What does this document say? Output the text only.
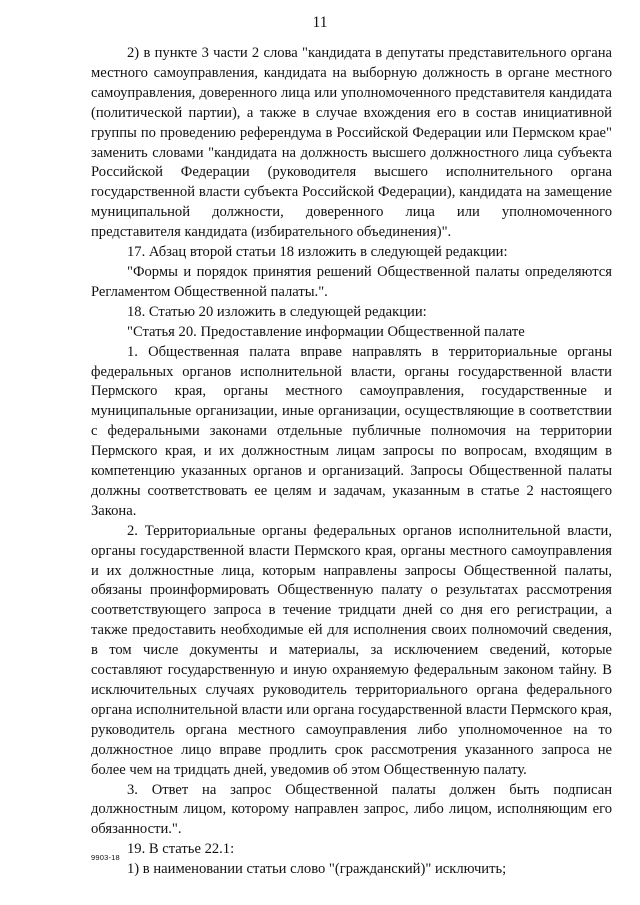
11

2) в пункте 3 части 2 слова "кандидата в депутаты представительного органа местного самоуправления, кандидата на выборную должность в органе местного самоуправления, доверенного лица или уполномоченного представителя кандидата (политической партии), а также в случае вхождения его в состав инициативной группы по проведению референдума в Российской Федерации или Пермском крае" заменить словами "кандидата на должность высшего должностного лица субъекта Российской Федерации (руководителя высшего исполнительного органа государственной власти субъекта Российской Федерации), кандидата на замещение муниципальной должности, доверенного лица или уполномоченного представителя кандидата (избирательного объединения)".

17. Абзац второй статьи 18 изложить в следующей редакции:

"Формы и порядок принятия решений Общественной палаты определяются Регламентом Общественной палаты.".

18. Статью 20 изложить в следующей редакции:

"Статья 20. Предоставление информации Общественной палате

1. Общественная палата вправе направлять в территориальные органы федеральных органов исполнительной власти, органы государственной власти Пермского края, органы местного самоуправления, государственные и муниципальные организации, иные организации, осуществляющие в соответствии с федеральными законами отдельные публичные полномочия на территории Пермского края, и их должностным лицам запросы по вопросам, входящим в компетенцию указанных органов и организаций. Запросы Общественной палаты должны соответствовать ее целям и задачам, указанным в статье 2 настоящего Закона.

2. Территориальные органы федеральных органов исполнительной власти, органы государственной власти Пермского края, органы местного самоуправления и их должностные лица, которым направлены запросы Общественной палаты, обязаны проинформировать Общественную палату о результатах рассмотрения соответствующего запроса в течение тридцати дней со дня его регистрации, а также предоставить необходимые ей для исполнения своих полномочий сведения, в том числе документы и материалы, за исключением сведений, которые составляют государственную и иную охраняемую федеральным законом тайну. В исключительных случаях руководитель территориального органа федерального органа исполнительной власти или органа государственной власти Пермского края, руководитель органа местного самоуправления либо уполномоченное на то должностное лицо вправе продлить срок рассмотрения указанного запроса не более чем на тридцать дней, уведомив об этом Общественную палату.

3. Ответ на запрос Общественной палаты должен быть подписан должностным лицом, которому направлен запрос, либо лицом, исполняющим его обязанности.".

19. В статье 22.1:

1) в наименовании статьи слово "(гражданский)" исключить;

9903-18
